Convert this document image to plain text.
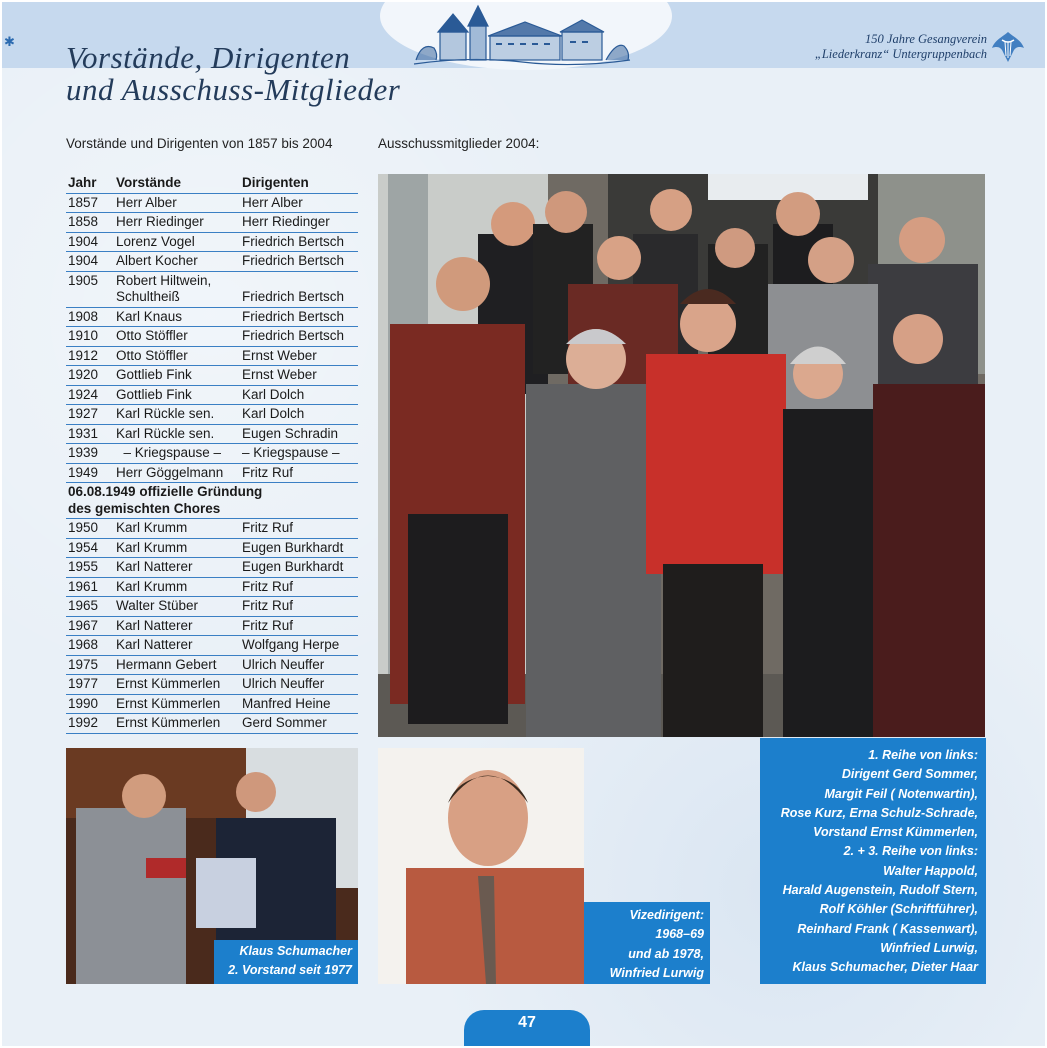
✱	150 Jahre Gesangverein
„Liederkranz“ Untergruppenbach
Vorstände, Dirigenten
und Ausschuss-Mitglieder
Vorstände und Dirigenten von 1857 bis 2004	Ausschussmitglieder 2004:
Jahr	Vorstände	Dirigenten
1857	Herr Alber	Herr Alber
1858	Herr Riedinger	Herr Riedinger
1904	Lorenz Vogel	Friedrich Bertsch
1904	Albert Kocher	Friedrich Bertsch
1905	Robert Hiltwein,
Schultheiß	Friedrich Bertsch
1908	Karl Knaus	Friedrich Bertsch
1910	Otto Stöffler	Friedrich Bertsch
1912	Otto Stöffler	Ernst Weber
1920	Gottlieb Fink	Ernst Weber
1924	Gottlieb Fink	Karl Dolch
1927	Karl Rückle sen.	Karl Dolch
1931	Karl Rückle sen.	Eugen Schradin
1939	– Kriegspause –	– Kriegspause –
1949	Herr Göggelmann	Fritz Ruf
06.08.1949 offizielle Gründung
des gemischten Chores
1950	Karl Krumm	Fritz Ruf
1954	Karl Krumm	Eugen Burkhardt
1955	Karl Natterer	Eugen Burkhardt
1961	Karl Krumm	Fritz Ruf
1965	Walter Stüber	Fritz Ruf
1967	Karl Natterer	Fritz Ruf
1968	Karl Natterer	Wolfgang Herpe
1975	Hermann Gebert	Ulrich Neuffer
1977	Ernst Kümmerlen	Ulrich Neuffer
1990	Ernst Kümmerlen	Manfred Heine
1992	Ernst Kümmerlen	Gerd Sommer
Klaus Schumacher
2. Vorstand seit 1977
Vizedirigent:
1968–69
und ab 1978,
Winfried Lurwig
1. Reihe von links:
Dirigent Gerd Sommer,
Margit Feil ( Notenwartin),
Rose Kurz, Erna Schulz-Schrade,
Vorstand Ernst Kümmerlen,
2. + 3. Reihe von links:
Walter Happold,
Harald Augenstein, Rudolf Stern,
Rolf Köhler (Schriftführer),
Reinhard Frank ( Kassenwart),
Winfried Lurwig,
Klaus Schumacher, Dieter Haar
47
